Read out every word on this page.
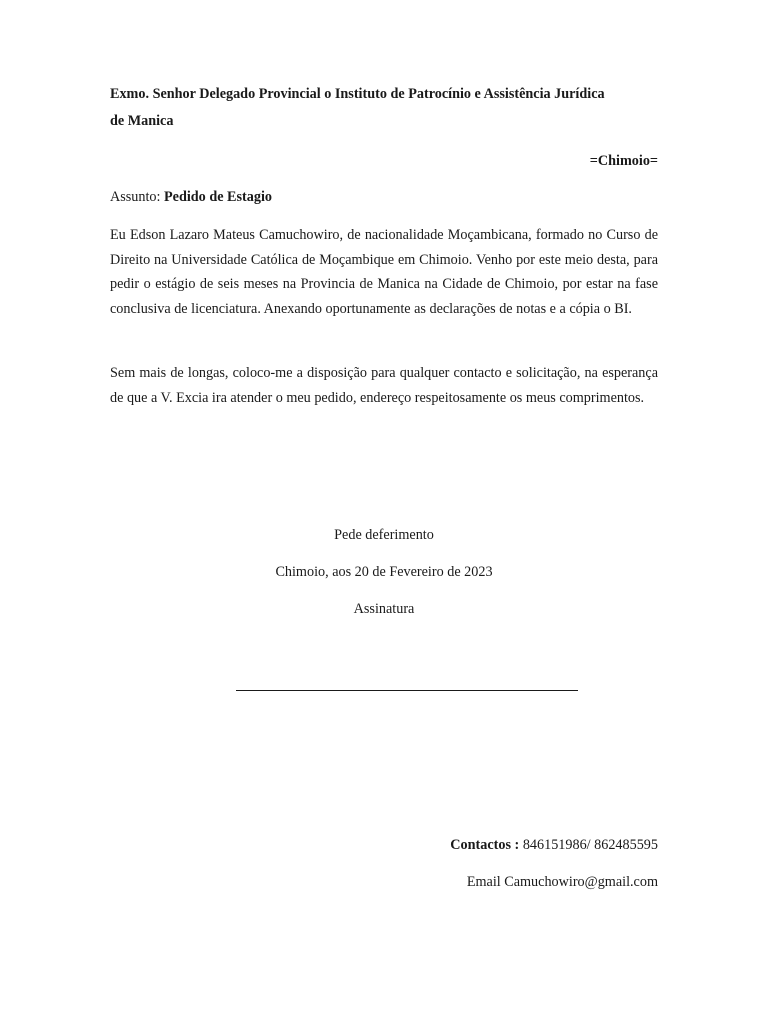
Exmo. Senhor Delegado Provincial o Instituto de Patrocínio e Assistência Jurídica
de Manica
=Chimoio=
Assunto: Pedido de Estagio
Eu Edson Lazaro Mateus Camuchowiro, de nacionalidade Moçambicana, formado no Curso de Direito na Universidade Católica de Moçambique em Chimoio. Venho por este meio desta, para pedir o estágio de seis meses na Provincia de Manica na Cidade de Chimoio, por estar na fase conclusiva de licenciatura. Anexando oportunamente as declarações de notas e a cópia o BI.
Sem mais de longas, coloco-me a disposição para qualquer contacto e solicitação, na esperança de que a V. Excia ira atender o meu pedido, endereço respeitosamente os meus comprimentos.
Pede deferimento
Chimoio, aos 20 de Fevereiro de 2023
Assinatura
Contactos : 846151986/ 862485595
Email Camuchowiro@gmail.com
